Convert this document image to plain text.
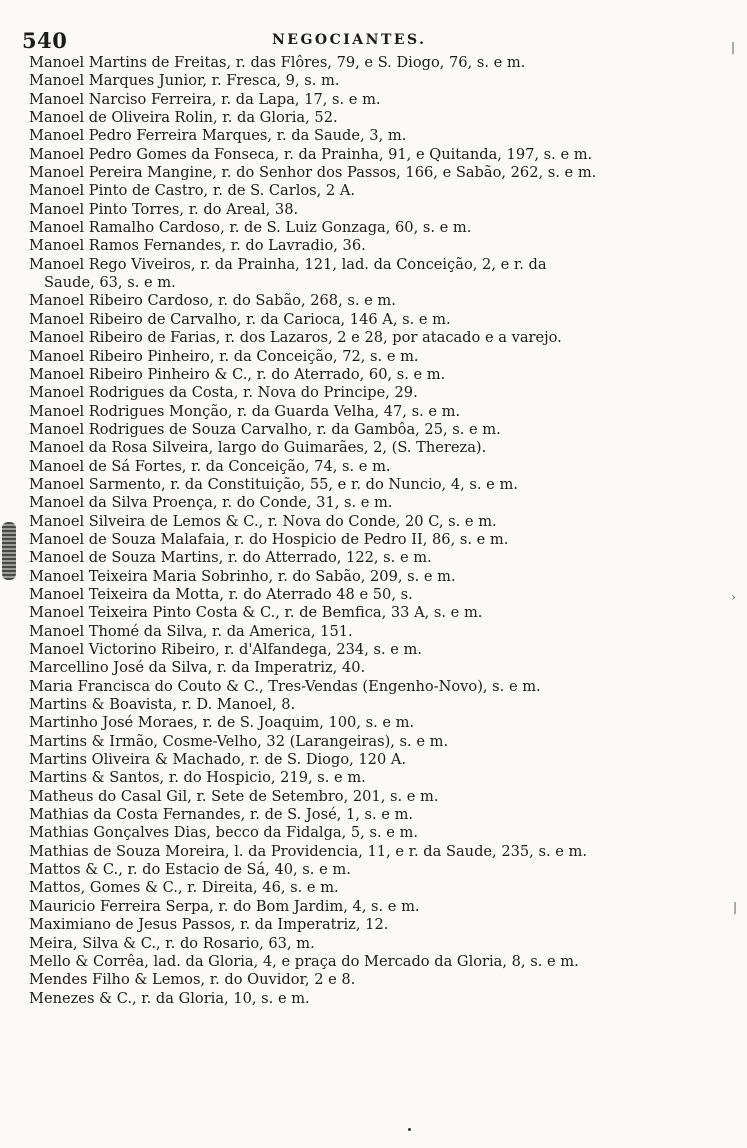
540	NEGOCIANTES.	|
›
|
Manoel Martins de Freitas, r. das Flôres, 79, e S. Diogo, 76, s. e m.
Manoel Marques Junior, r. Fresca, 9, s. m.
Manoel Narciso Ferreira, r. da Lapa, 17, s. e m.
Manoel de Oliveira Rolin, r. da Gloria, 52.
Manoel Pedro Ferreira Marques, r. da Saude, 3, m.
Manoel Pedro Gomes da Fonseca, r. da Prainha, 91, e Quitanda, 197, s. e m.
Manoel Pereira Mangine, r. do Senhor dos Passos, 166, e Sabão, 262, s. e m.
Manoel Pinto de Castro, r. de S. Carlos, 2 A.
Manoel Pinto Torres, r. do Areal, 38.
Manoel Ramalho Cardoso, r. de S. Luiz Gonzaga, 60, s. e m.
Manoel Ramos Fernandes, r. do Lavradio, 36.
Manoel Rego Viveiros, r. da Prainha, 121, lad. da Conceição, 2, e r. da
Saude, 63, s. e m.
Manoel Ribeiro Cardoso, r. do Sabão, 268, s. e m.
Manoel Ribeiro de Carvalho, r. da Carioca, 146 A, s. e m.
Manoel Ribeiro de Farias, r. dos Lazaros, 2 e 28, por atacado e a varejo.
Manoel Ribeiro Pinheiro, r. da Conceição, 72, s. e m.
Manoel Ribeiro Pinheiro & C., r. do Aterrado, 60, s. e m.
Manoel Rodrigues da Costa, r. Nova do Principe, 29.
Manoel Rodrigues Monção, r. da Guarda Velha, 47, s. e m.
Manoel Rodrigues de Souza Carvalho, r. da Gambôa, 25, s. e m.
Manoel da Rosa Silveira, largo do Guimarães, 2, (S. Thereza).
Manoel de Sá Fortes, r. da Conceição, 74, s. e m.
Manoel Sarmento, r. da Constituição, 55, e r. do Nuncio, 4, s. e m.
Manoel da Silva Proença, r. do Conde, 31, s. e m.
Manoel Silveira de Lemos & C., r. Nova do Conde, 20 C, s. e m.
Manoel de Souza Malafaia, r. do Hospicio de Pedro II, 86, s. e m.
Manoel de Souza Martins, r. do Atterrado, 122, s. e m.
Manoel Teixeira Maria Sobrinho, r. do Sabão, 209, s. e m.
Manoel Teixeira da Motta, r. do Aterrado 48 e 50, s.
Manoel Teixeira Pinto Costa & C., r. de Bemfica, 33 A, s. e m.
Manoel Thomé da Silva, r. da America, 151.
Manoel Victorino Ribeiro, r. d'Alfandega, 234, s. e m.
Marcellino José da Silva, r. da Imperatriz, 40.
Maria Francisca do Couto & C., Tres-Vendas (Engenho-Novo), s. e m.
Martins & Boavista, r. D. Manoel, 8.
Martinho José Moraes, r. de S. Joaquim, 100, s. e m.
Martins & Irmão, Cosme-Velho, 32 (Larangeiras), s. e m.
Martins Oliveira & Machado, r. de S. Diogo, 120 A.
Martins & Santos, r. do Hospicio, 219, s. e m.
Matheus do Casal Gil, r. Sete de Setembro, 201, s. e m.
Mathias da Costa Fernandes, r. de S. José, 1, s. e m.
Mathias Gonçalves Dias, becco da Fidalga, 5, s. e m.
Mathias de Souza Moreira, l. da Providencia, 11, e r. da Saude, 235, s. e m.
Mattos & C., r. do Estacio de Sá, 40, s. e m.
Mattos, Gomes & C., r. Direita, 46, s. e m.
Mauricio Ferreira Serpa, r. do Bom Jardim, 4, s. e m.
Maximiano de Jesus Passos, r. da Imperatriz, 12.
Meira, Silva & C., r. do Rosario, 63, m.
Mello & Corrêa, lad. da Gloria, 4, e praça do Mercado da Gloria, 8, s. e m.
Mendes Filho & Lemos, r. do Ouvidor, 2 e 8.
Menezes & C., r. da Gloria, 10, s. e m.
